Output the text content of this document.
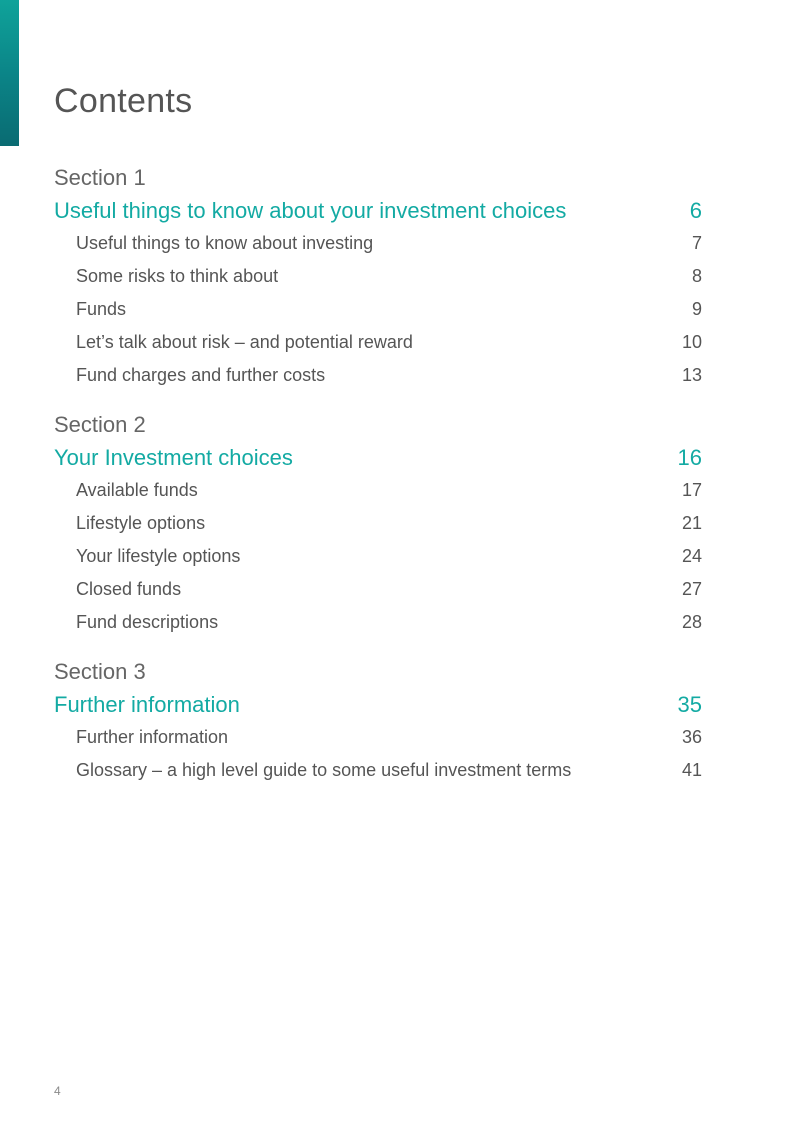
Contents
Section 1
Useful things to know about your investment choices	6
Useful things to know about investing	7
Some risks to think about	8
Funds	9
Let’s talk about risk – and potential reward	10
Fund charges and further costs	13
Section 2
Your Investment choices	16
Available funds	17
Lifestyle options	21
Your lifestyle options	24
Closed funds	27
Fund descriptions	28
Section 3
Further information	35
Further information	36
Glossary – a high level guide to some useful investment terms	41
4
